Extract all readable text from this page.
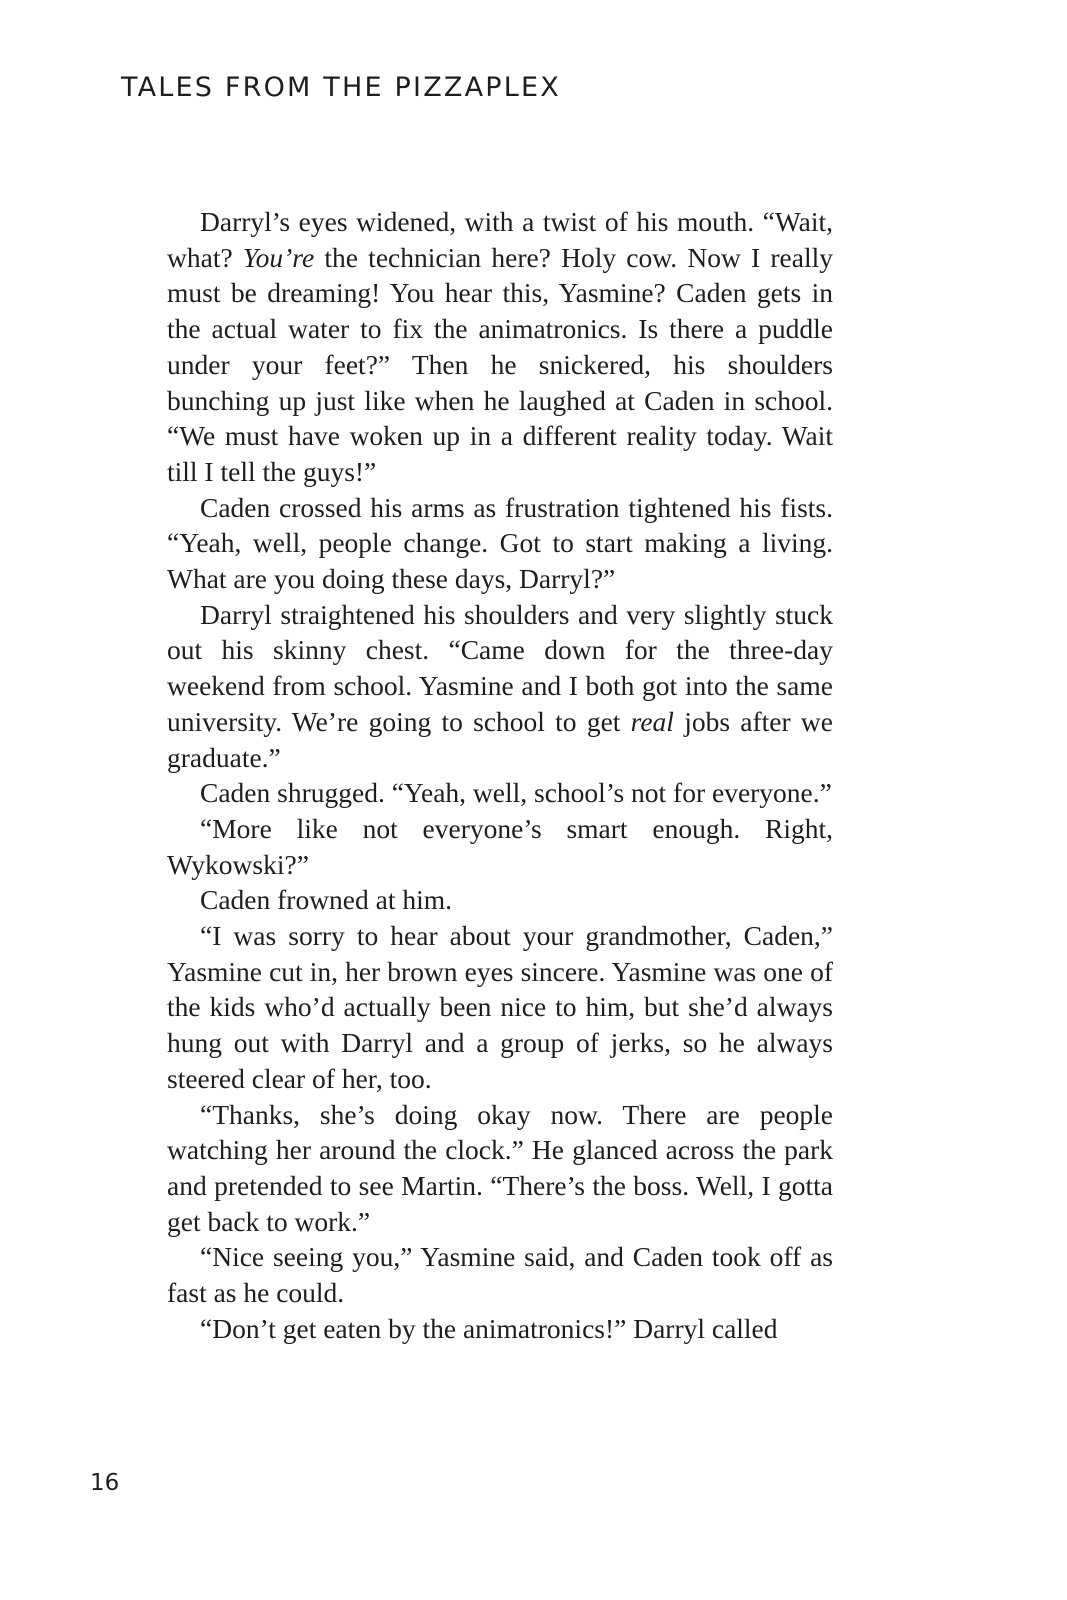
TALES FROM THE PIZZAPLEX

Darryl’s eyes widened, with a twist of his mouth. “Wait, what? You’re the technician here? Holy cow. Now I really must be dreaming! You hear this, Yasmine? Caden gets in the actual water to fix the animatronics. Is there a puddle under your feet?” Then he snickered, his shoulders bunching up just like when he laughed at Caden in school. “We must have woken up in a different reality today. Wait till I tell the guys!”

Caden crossed his arms as frustration tightened his fists. “Yeah, well, people change. Got to start making a living. What are you doing these days, Darryl?”

Darryl straightened his shoulders and very slightly stuck out his skinny chest. “Came down for the three-day weekend from school. Yasmine and I both got into the same university. We’re going to school to get real jobs after we graduate.”

Caden shrugged. “Yeah, well, school’s not for everyone.”

“More like not everyone’s smart enough. Right, Wykowski?”

Caden frowned at him.

“I was sorry to hear about your grandmother, Caden,” Yasmine cut in, her brown eyes sincere. Yasmine was one of the kids who’d actually been nice to him, but she’d always hung out with Darryl and a group of jerks, so he always steered clear of her, too.

“Thanks, she’s doing okay now. There are people watching her around the clock.” He glanced across the park and pretended to see Martin. “There’s the boss. Well, I gotta get back to work.”

“Nice seeing you,” Yasmine said, and Caden took off as fast as he could.

“Don’t get eaten by the animatronics!” Darryl called

16
